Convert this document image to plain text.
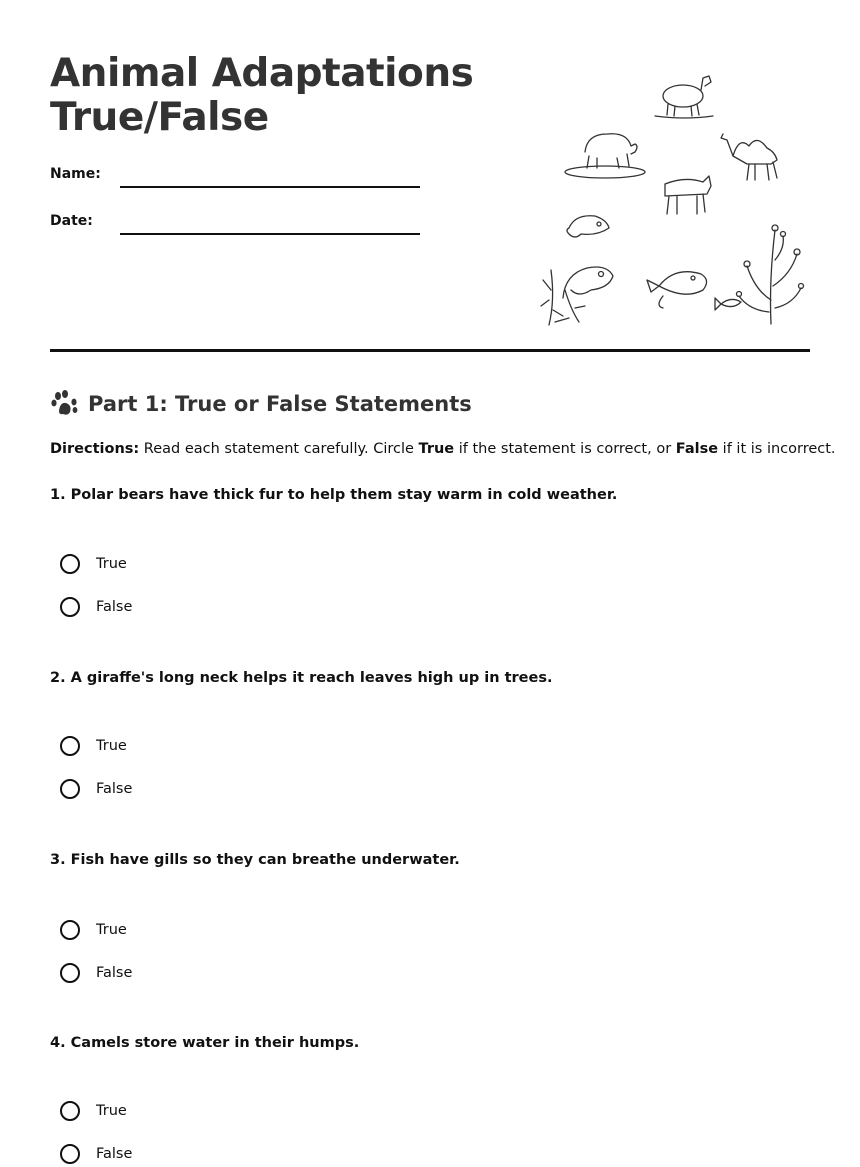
Animal Adaptations
True/False
Name:
Date:
Part 1: True or False Statements
Directions: Read each statement carefully. Circle True if the statement is correct, or False if it is incorrect.

1. Polar bears have thick fur to help them stay warm in cold weather.

True
False

2. A giraffe's long neck helps it reach leaves high up in trees.

True
False

3. Fish have gills so they can breathe underwater.

True
False

4. Camels store water in their humps.

True
False
